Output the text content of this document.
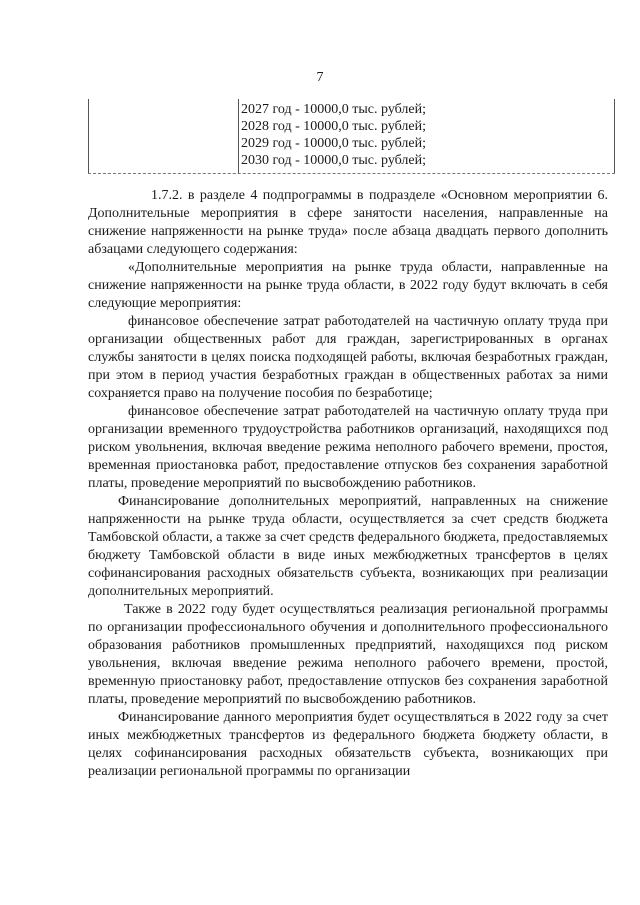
7
2027 год - 10000,0 тыс. рублей;
2028 год - 10000,0 тыс. рублей;
2029 год - 10000,0 тыс. рублей;
2030 год - 10000,0 тыс. рублей;

1.7.2. в разделе 4 подпрограммы в подразделе «Основном мероприятии 6. Дополнительные мероприятия в сфере занятости населения, направленные на снижение напряженности на рынке труда» после абзаца двадцать первого дополнить абзацами следующего содержания:

«Дополнительные мероприятия на рынке труда области, направленные на снижение напряженности на рынке труда области, в 2022 году будут включать в себя следующие мероприятия:

финансовое обеспечение затрат работодателей на частичную оплату труда при организации общественных работ для граждан, зарегистрированных в органах службы занятости в целях поиска подходящей работы, включая безработных граждан, при этом в период участия безработных граждан в общественных работах за ними сохраняется право на получение пособия по безработице;

финансовое обеспечение затрат работодателей на частичную оплату труда при организации временного трудоустройства работников организаций, находящихся под риском увольнения, включая введение режима неполного рабочего времени, простоя, временная приостановка работ, предоставление отпусков без сохранения заработной платы, проведение мероприятий по высвобождению работников.

Финансирование дополнительных мероприятий, направленных на снижение напряженности на рынке труда области, осуществляется за счет средств бюджета Тамбовской области, а также за счет средств федерального бюджета, предоставляемых бюджету Тамбовской области в виде иных межбюджетных трансфертов в целях софинансирования расходных обязательств субъекта, возникающих при реализации дополнительных мероприятий.

Также в 2022 году будет осуществляться реализация региональной программы по организации профессионального обучения и дополнительного профессионального образования работников промышленных предприятий, находящихся под риском увольнения, включая введение режима неполного рабочего времени, простой, временную приостановку работ, предоставление отпусков без сохранения заработной платы, проведение мероприятий по высвобождению работников.

Финансирование данного мероприятия будет осуществляться в 2022 году за счет иных межбюджетных трансфертов из федерального бюджета бюджету области, в целях софинансирования расходных обязательств субъекта, возникающих при реализации региональной программы по организации
